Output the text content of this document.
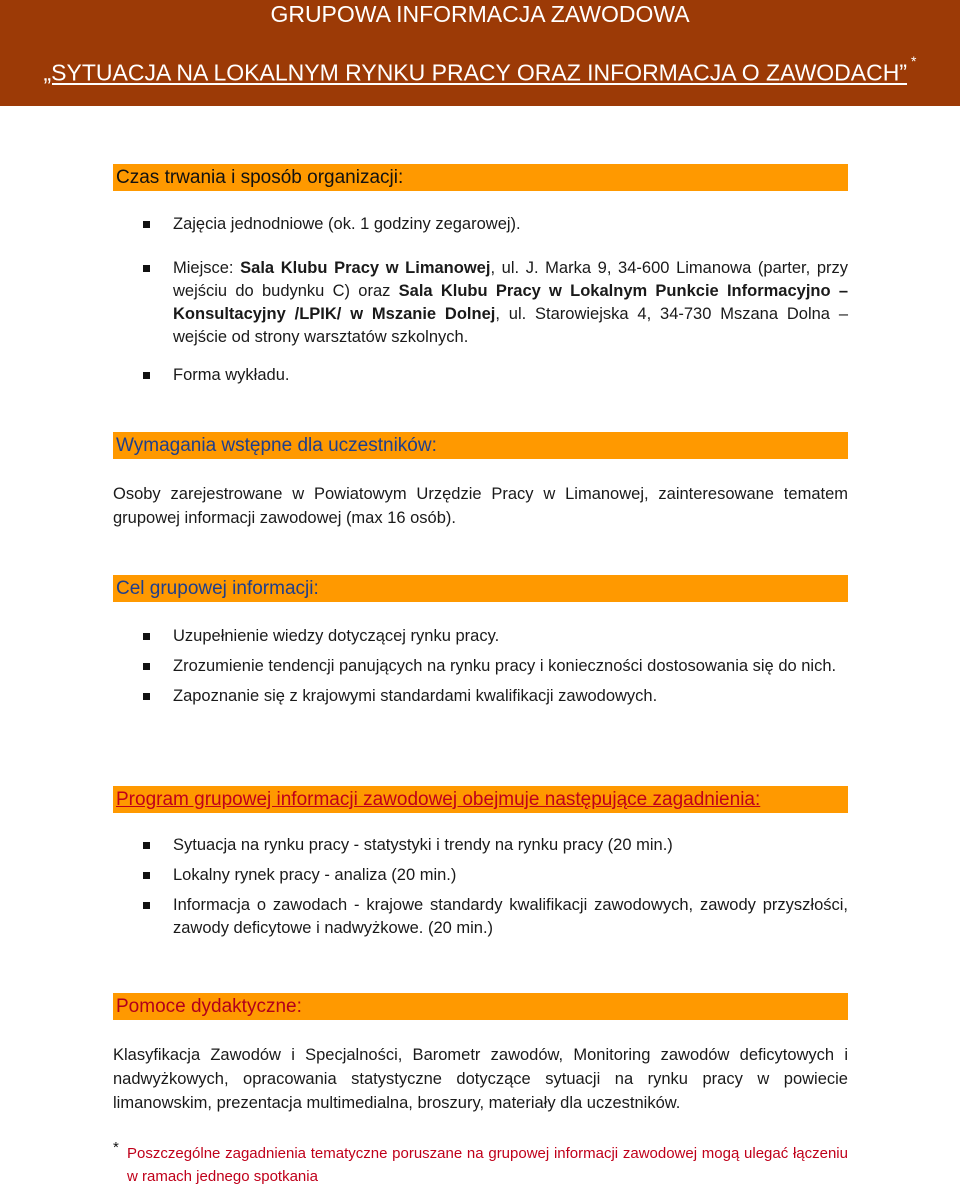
GRUPOWA INFORMACJA ZAWODOWA
„SYTUACJA NA LOKALNYM RYNKU PRACY ORAZ INFORMACJA O ZAWODACH” *
Czas trwania i sposób organizacji:
Zajęcia jednodniowe (ok. 1 godziny zegarowej).
Miejsce: Sala Klubu Pracy w Limanowej, ul. J. Marka 9, 34-600 Limanowa (parter, przy wejściu do budynku C) oraz Sala Klubu Pracy w Lokalnym Punkcie Informacyjno – Konsultacyjny /LPIK/ w Mszanie Dolnej, ul. Starowiejska 4, 34-730 Mszana Dolna – wejście od strony warsztatów szkolnych.
Forma wykładu.
Wymagania wstępne dla uczestników:

Osoby zarejestrowane w Powiatowym Urzędzie Pracy w Limanowej, zainteresowane tematem grupowej informacji zawodowej (max 16 osób).

Cel grupowej informacji:
Uzupełnienie wiedzy dotyczącej rynku pracy.
Zrozumienie tendencji panujących na rynku pracy i konieczności dostosowania się do nich.
Zapoznanie się z krajowymi standardami kwalifikacji zawodowych.
Program grupowej informacji zawodowej obejmuje następujące zagadnienia:
Sytuacja na rynku pracy - statystyki i trendy na rynku pracy (20 min.)
Lokalny rynek pracy - analiza (20 min.)
Informacja o zawodach - krajowe standardy kwalifikacji zawodowych, zawody przyszłości, zawody deficytowe i nadwyżkowe. (20 min.)
Pomoce dydaktyczne:

Klasyfikacja Zawodów i Specjalności, Barometr zawodów, Monitoring zawodów deficytowych i nadwyżkowych, opracowania statystyczne dotyczące sytuacji na rynku pracy w powiecie limanowskim, prezentacja multimedialna, broszury, materiały dla uczestników.

* Poszczególne zagadnienia tematyczne poruszane na grupowej informacji zawodowej mogą ulegać łączeniu w ramach jednego spotkania
